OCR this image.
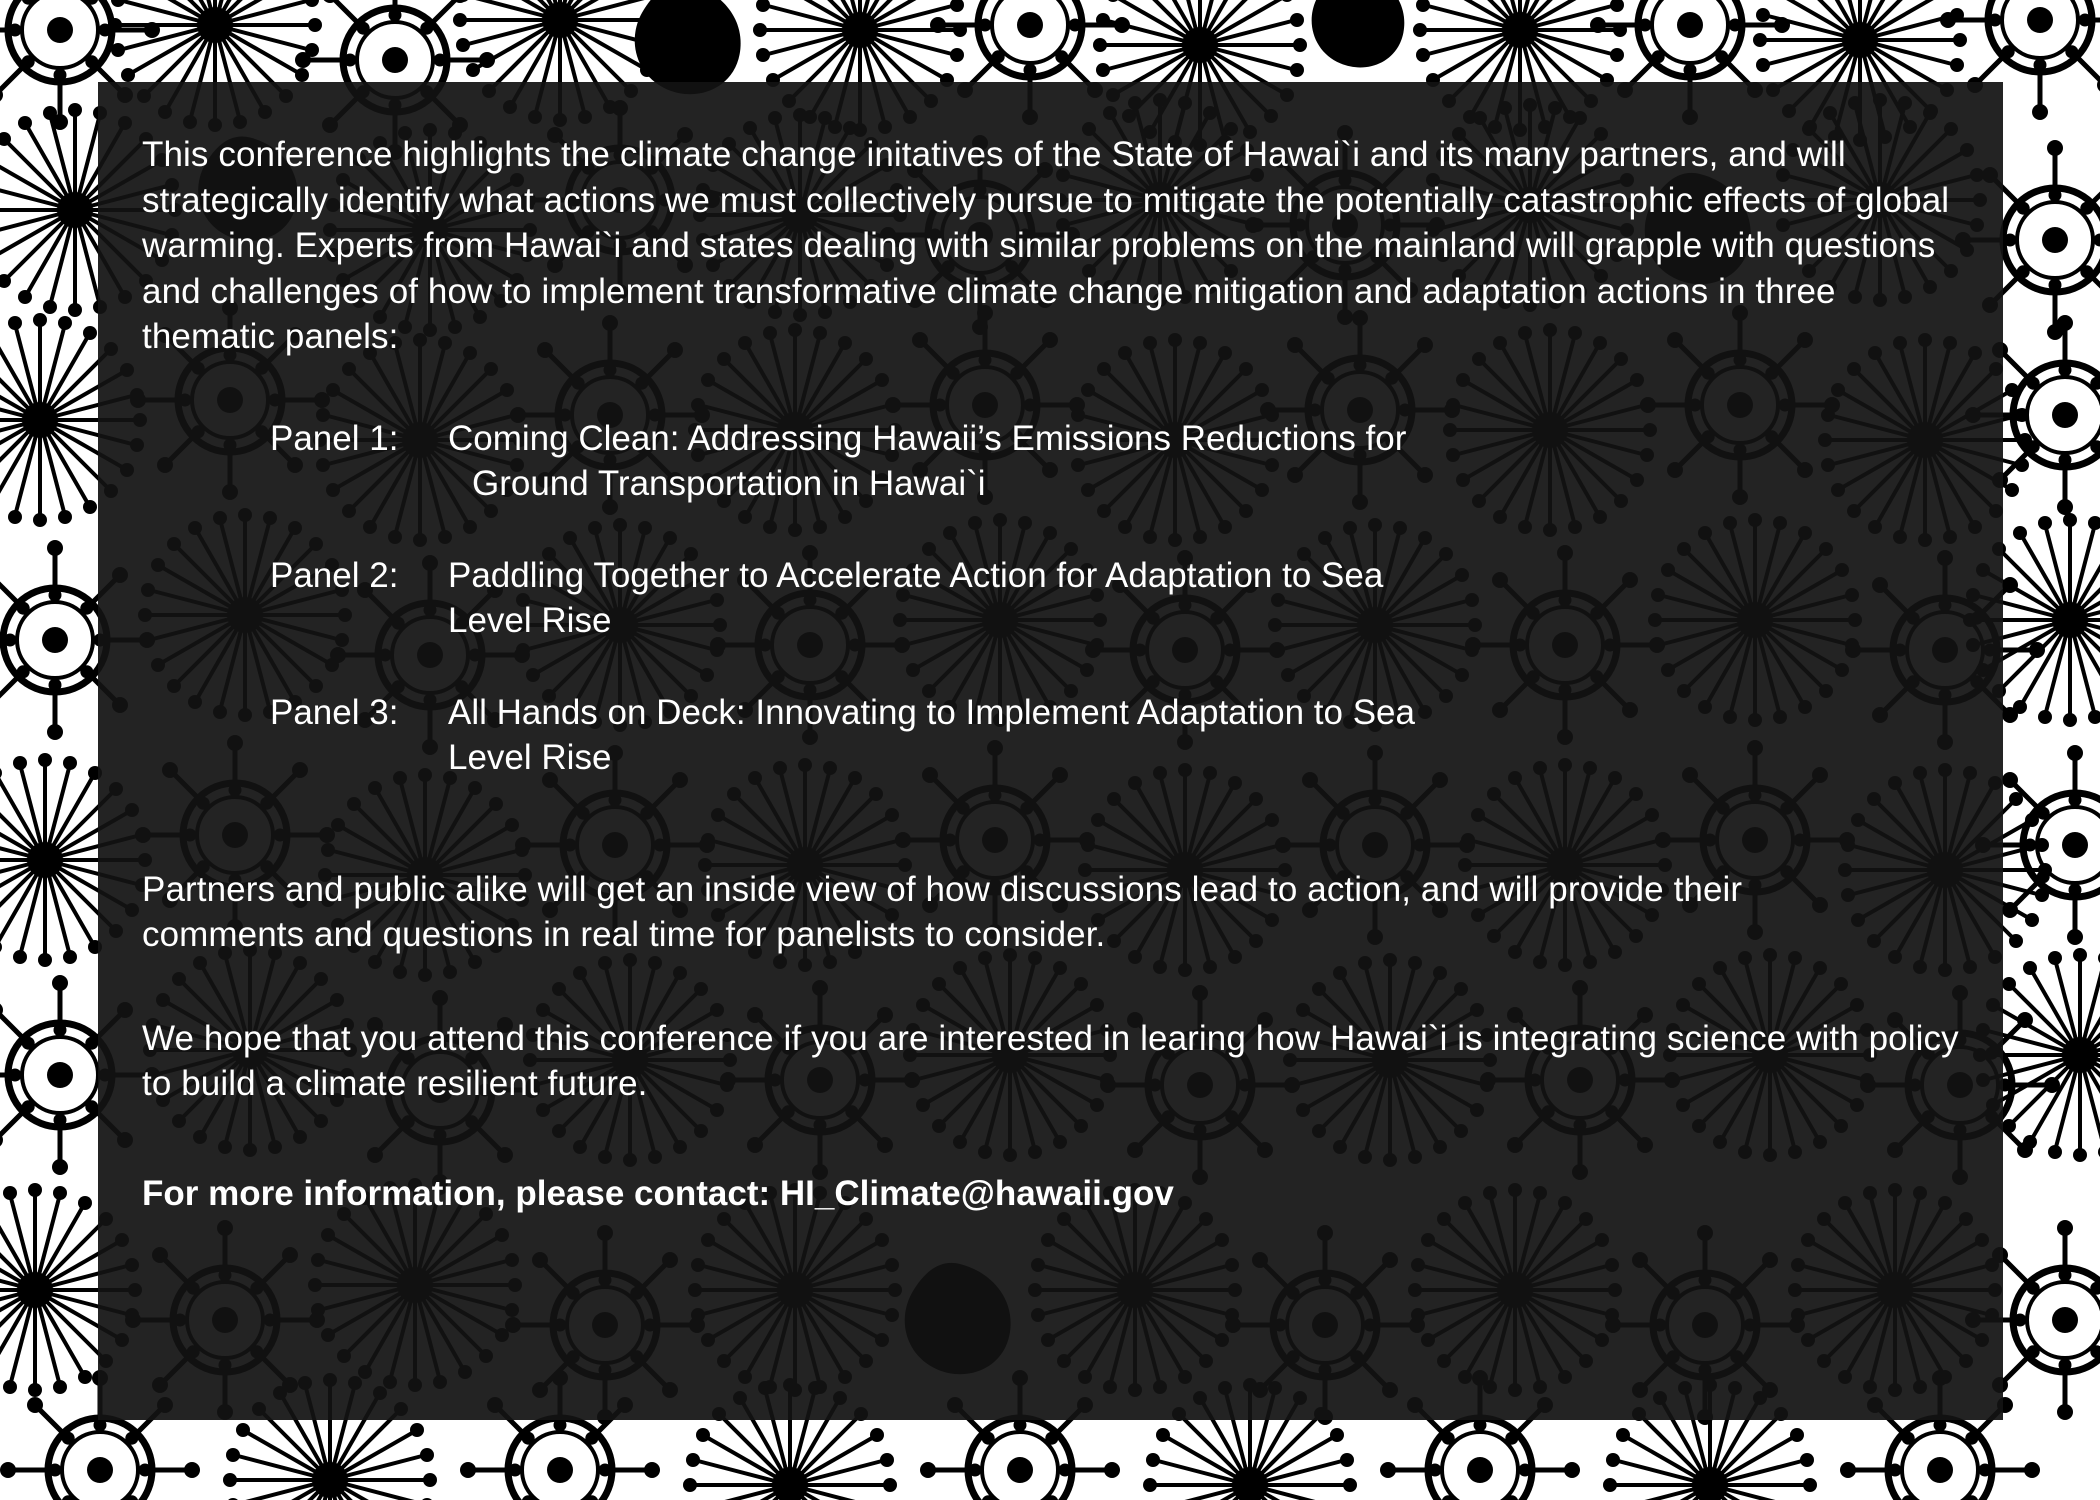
This conference highlights the climate change initatives of the State of Hawai`i and its many partners, and will strategically identify what actions we must collectively pursue to mitigate the potentially catastrophic effects of global warming. Experts from Hawai`i and states dealing with similar problems on the mainland will grapple with questions and challenges of how to implement transformative climate change mitigation and adaptation actions in three thematic panels:

Panel 1:	Coming Clean: Addressing Hawaii’s Emissions Reductions for
Ground Transportation in Hawai`i
Panel 2:	Paddling Together to Accelerate Action for Adaptation to Sea
Level Rise
Panel 3:	All Hands on Deck: Innovating to Implement Adaptation to Sea
Level Rise

Partners and public alike will get an inside view of how discussions lead to action, and will provide their comments and questions in real time for panelists to consider.

We hope that you attend this conference if you are interested in learing how Hawai`i is integrating science with policy to build a climate resilient future.

For more information, please contact: HI_Climate@hawaii.gov
